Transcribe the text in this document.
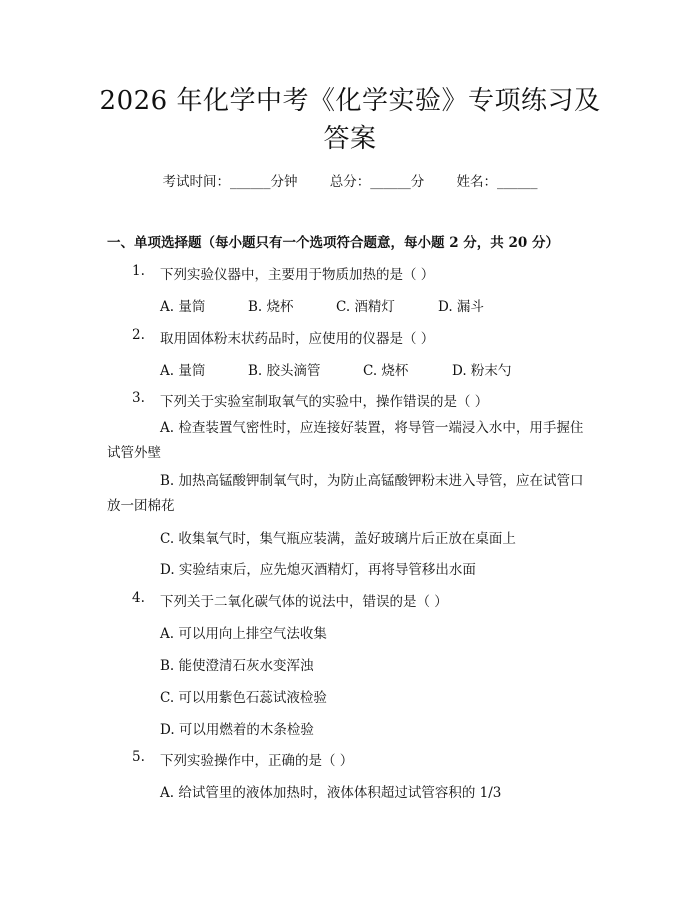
2026 年化学中考《化学实验》专项练习及答案
考试时间：______分钟 总分：______分 姓名：______
一、单项选择题（每小题只有一个选项符合题意，每小题 2 分，共 20 分）
1. 下列实验仪器中，主要用于物质加热的是（ ）
A. 量筒	B. 烧杯	C. 酒精灯	D. 漏斗
2. 取用固体粉末状药品时，应使用的仪器是（ ）
A. 量筒	B. 胶头滴管	C. 烧杯	D. 粉末勺
3. 下列关于实验室制取氧气的实验中，操作错误的是（ ）

A. 检查装置气密性时，应连接好装置，将导管一端浸入水中，用手握住试管外壁

B. 加热高锰酸钾制氧气时，为防止高锰酸钾粉末进入导管，应在试管口放一团棉花

C. 收集氧气时，集气瓶应装满，盖好玻璃片后正放在桌面上
D. 实验结束后，应先熄灭酒精灯，再将导管移出水面
4. 下列关于二氧化碳气体的说法中，错误的是（ ）
A. 可以用向上排空气法收集
B. 能使澄清石灰水变浑浊
C. 可以用紫色石蕊试液检验
D. 可以用燃着的木条检验
5. 下列实验操作中，正确的是（ ）
A. 给试管里的液体加热时，液体体积超过试管容积的 1/3
